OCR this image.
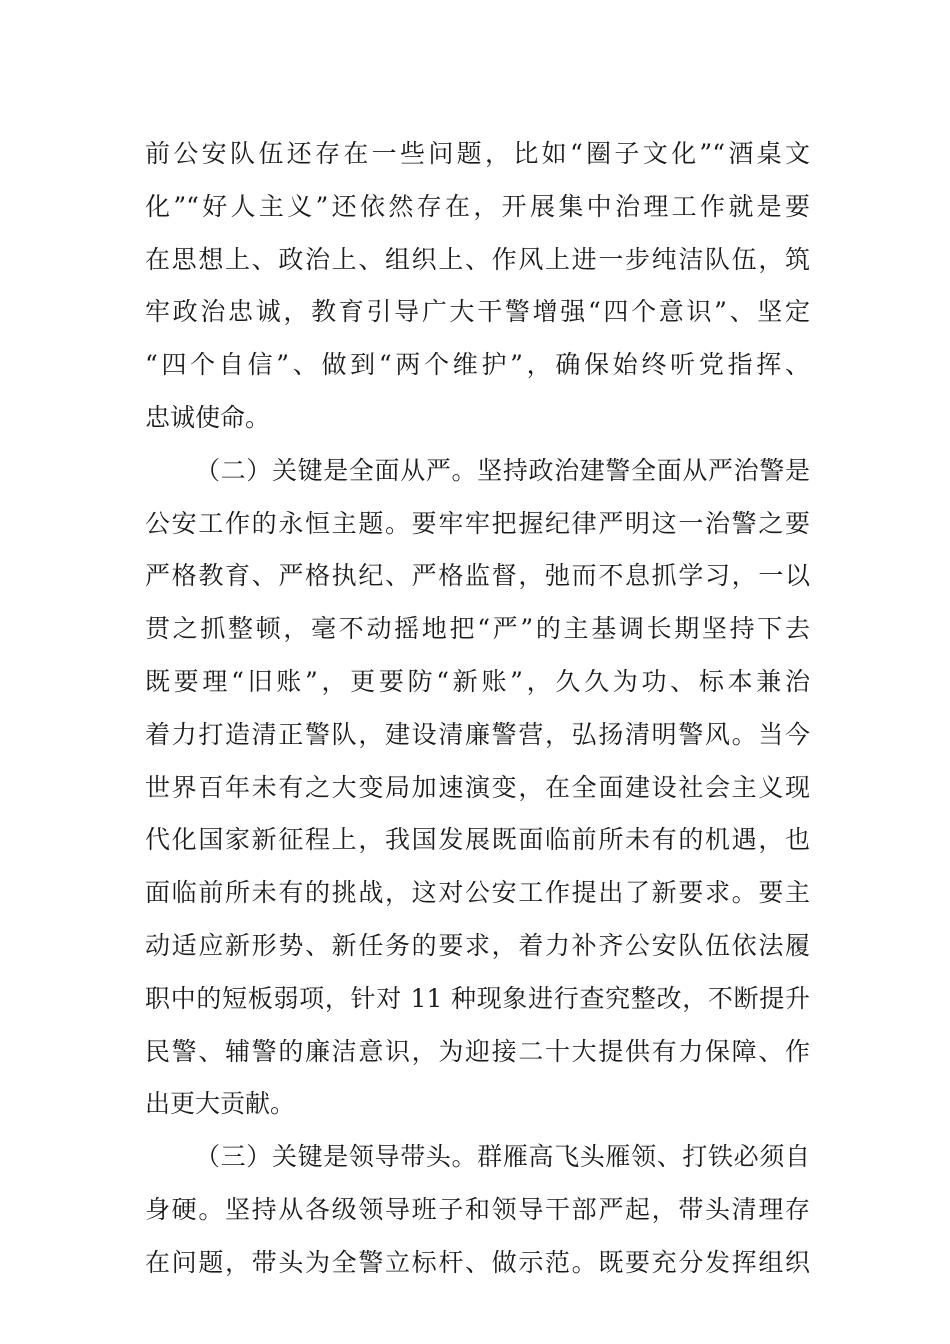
前公安队伍还存在一些问题，比如“圈子文化”“酒桌文
化”“好人主义”还依然存在，开展集中治理工作就是要
在思想上、政治上、组织上、作风上进一步纯洁队伍，筑
牢政治忠诚，教育引导广大干警增强“四个意识”、坚定
“四个自信”、做到“两个维护”，确保始终听党指挥、
忠诚使命。
（二）关键是全面从严。坚持政治建警全面从严治警是
公安工作的永恒主题。要牢牢把握纪律严明这一治警之要
严格教育、严格执纪、严格监督，弛而不息抓学习，一以
贯之抓整顿，毫不动摇地把“严”的主基调长期坚持下去
既要理“旧账”，更要防“新账”，久久为功、标本兼治
着力打造清正警队，建设清廉警营，弘扬清明警风。当今
世界百年未有之大变局加速演变，在全面建设社会主义现
代化国家新征程上，我国发展既面临前所未有的机遇，也
面临前所未有的挑战，这对公安工作提出了新要求。要主
动适应新形势、新任务的要求，着力补齐公安队伍依法履
职中的短板弱项，针对 11 种现象进行查究整改，不断提升
民警、辅警的廉洁意识，为迎接二十大提供有力保障、作
出更大贡献。
（三）关键是领导带头。群雁高飞头雁领、打铁必须自
身硬。坚持从各级领导班子和领导干部严起，带头清理存
在问题，带头为全警立标杆、做示范。既要充分发挥组织
